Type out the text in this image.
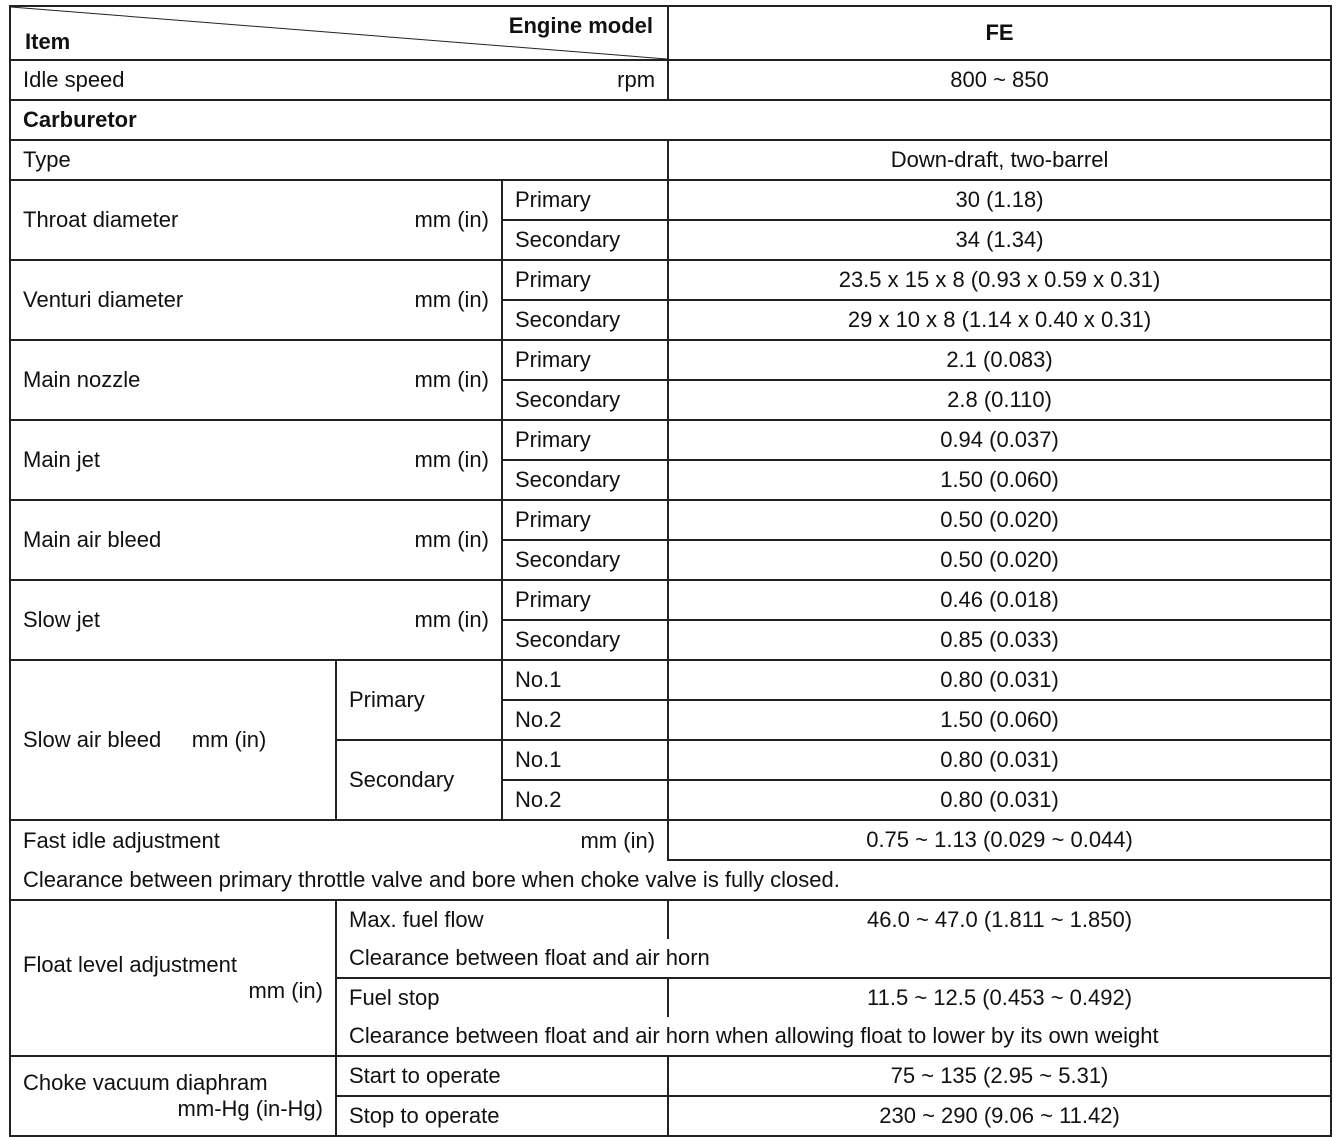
Engine model
Item			FE

Idle speed rpm			800 ~ 850
Carburetor			
Type			Down-draft, two-barrel

Throat diameter mm (in)		Primary	30 (1.18)
		Secondary	34 (1.34)

Venturi diameter mm (in)		Primary	23.5 x 15 x 8 (0.93 x 0.59 x 0.31)
		Secondary	29 x 10 x 8 (1.14 x 0.40 x 0.31)

Main nozzle mm (in)		Primary	2.1 (0.083)
		Secondary	2.8 (0.110)

Main jet mm (in)		Primary	0.94 (0.037)
		Secondary	1.50 (0.060)

Main air bleed mm (in)		Primary	0.50 (0.020)
		Secondary	0.50 (0.020)

Slow jet mm (in)		Primary	0.46 (0.018)
		Secondary	0.85 (0.033)
Slow air bleed mm (in)	Primary	No.1	0.80 (0.031)
		No.2	1.50 (0.060)
	Secondary	No.1	0.80 (0.031)
		No.2	0.80 (0.031)

Fast idle adjustment mm (in)			0.75 ~ 1.13 (0.029 ~ 0.044)
Clearance between primary throttle valve and bore when choke valve is fully closed.			

Float level adjustment
mm (in)	Max. fuel flow		46.0 ~ 47.0 (1.811 ~ 1.850)
	Clearance between float and air horn		
	Fuel stop		11.5 ~ 12.5 (0.453 ~ 0.492)
	Clearance between float and air horn when allowing float to lower by its own weight		

Choke vacuum diaphram
mm-Hg (in-Hg)	Start to operate		75 ~ 135 (2.95 ~ 5.31)
	Stop to operate		230 ~ 290 (9.06 ~ 11.42)
